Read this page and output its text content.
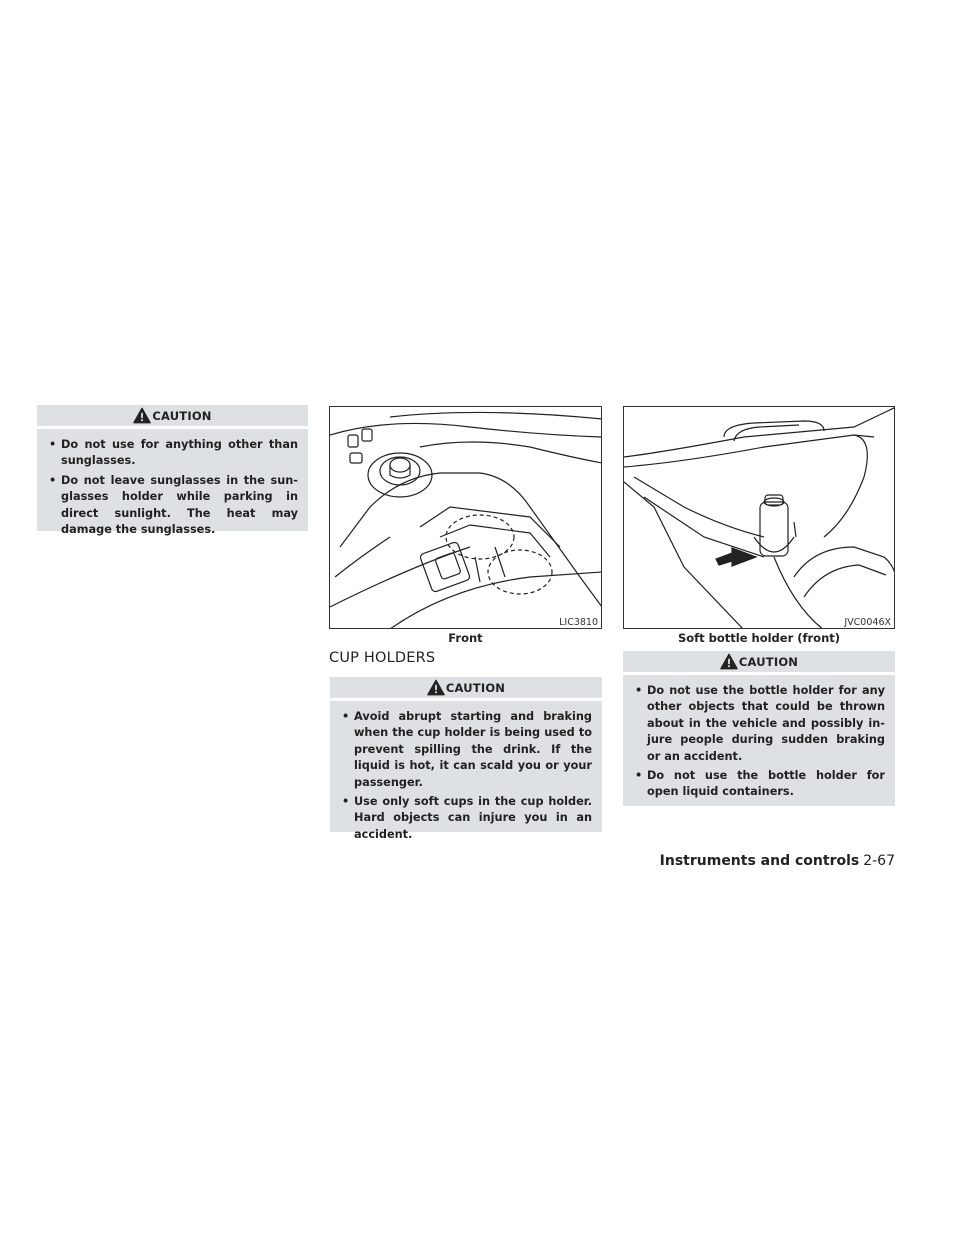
CAUTION
• Do not use for anything other than sunglasses.
• Do not leave sunglasses in the sun-glasses holder while parking in direct sunlight. The heat may damage the sunglasses.
LIC3810
Front
CUP HOLDERS
CAUTION
• Avoid abrupt starting and braking when the cup holder is being used to prevent spilling the drink. If the liquid is hot, it can scald you or your passenger.
• Use only soft cups in the cup holder. Hard objects can injure you in an accident.
JVC0046X
Soft bottle holder (front)
CAUTION
• Do not use the bottle holder for any other objects that could be thrown about in the vehicle and possibly in-jure people during sudden braking or an accident.
• Do not use the bottle holder for open liquid containers.
Instruments and controls 2-67
